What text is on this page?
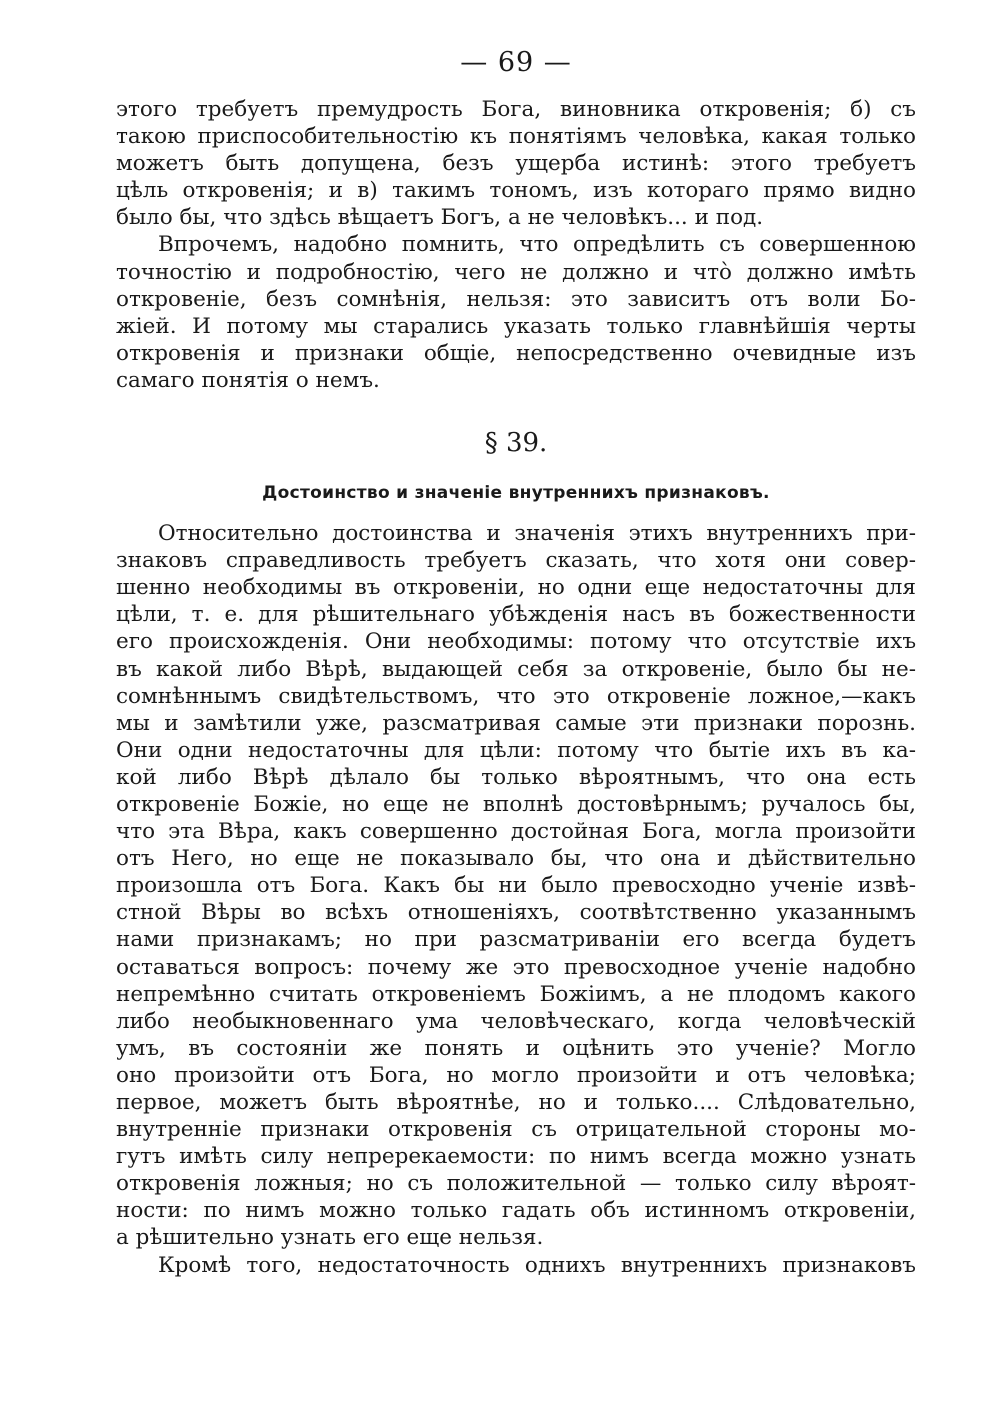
— 69 —
этого требуетъ премудрость Бога, виновника откровенія; б) съ
такою приспособительностію къ понятіямъ человѣка, какая только
можетъ быть допущена, безъ ущерба истинѣ: этого требуетъ
цѣль откровенія; и в) такимъ тономъ, изъ котораго прямо видно
было бы, что здѣсь вѣщаетъ Богъ, а не человѣкъ... и под.
Впрочемъ, надобно помнить, что опредѣлить съ совершенною
точностію и подробностію, чего не должно и что̀ должно имѣть
откровеніе, безъ сомнѣнія, нельзя: это зависитъ отъ воли Бо-
жіей. И потому мы старались указать только главнѣйшія черты
откровенія и признаки общіе, непосредственно очевидные изъ
самаго понятія о немъ.
§ 39.
Достоинство и значеніе внутреннихъ признаковъ.
Относительно достоинства и значенія этихъ внутреннихъ при-
знаковъ справедливость требуетъ сказать, что хотя они совер-
шенно необходимы въ откровеніи, но одни еще недостаточны для
цѣли, т. е. для рѣшительнаго убѣжденія насъ въ божественности
его происхожденія. Они необходимы: потому что отсутствіе ихъ
въ какой либо Вѣрѣ, выдающей себя за откровеніе, было бы не-
сомнѣннымъ свидѣтельствомъ, что это откровеніе ложное,—какъ
мы и замѣтили уже, разсматривая самые эти признаки порознь.
Они одни недостаточны для цѣли: потому что бытіе ихъ въ ка-
кой либо Вѣрѣ дѣлало бы только вѣроятнымъ, что она есть
откровеніе Божіе, но еще не вполнѣ достовѣрнымъ; ручалось бы,
что эта Вѣра, какъ совершенно достойная Бога, могла произойти
отъ Него, но еще не показывало бы, что она и дѣйствительно
произошла отъ Бога. Какъ бы ни было превосходно ученіе извѣ-
стной Вѣры во всѣхъ отношеніяхъ, соотвѣтственно указаннымъ
нами признакамъ; но при разсматриваніи его всегда будетъ
оставаться вопросъ: почему же это превосходное ученіе надобно
непремѣнно считать откровеніемъ Божіимъ, а не плодомъ какого
либо необыкновеннаго ума человѣческаго, когда человѣческій
умъ, въ состояніи же понять и оцѣнить это ученіе? Могло
оно произойти отъ Бога, но могло произойти и отъ человѣка;
первое, можетъ быть вѣроятнѣе, но и только.... Слѣдовательно,
внутренніе признаки откровенія съ отрицательной стороны мо-
гутъ имѣть силу непререкаемости: по нимъ всегда можно узнать
откровенія ложныя; но съ положительной — только силу вѣроят-
ности: по нимъ можно только гадать объ истинномъ откровеніи,
а рѣшительно узнать его еще нельзя.
Кромѣ того, недостаточность однихъ внутреннихъ признаковъ
